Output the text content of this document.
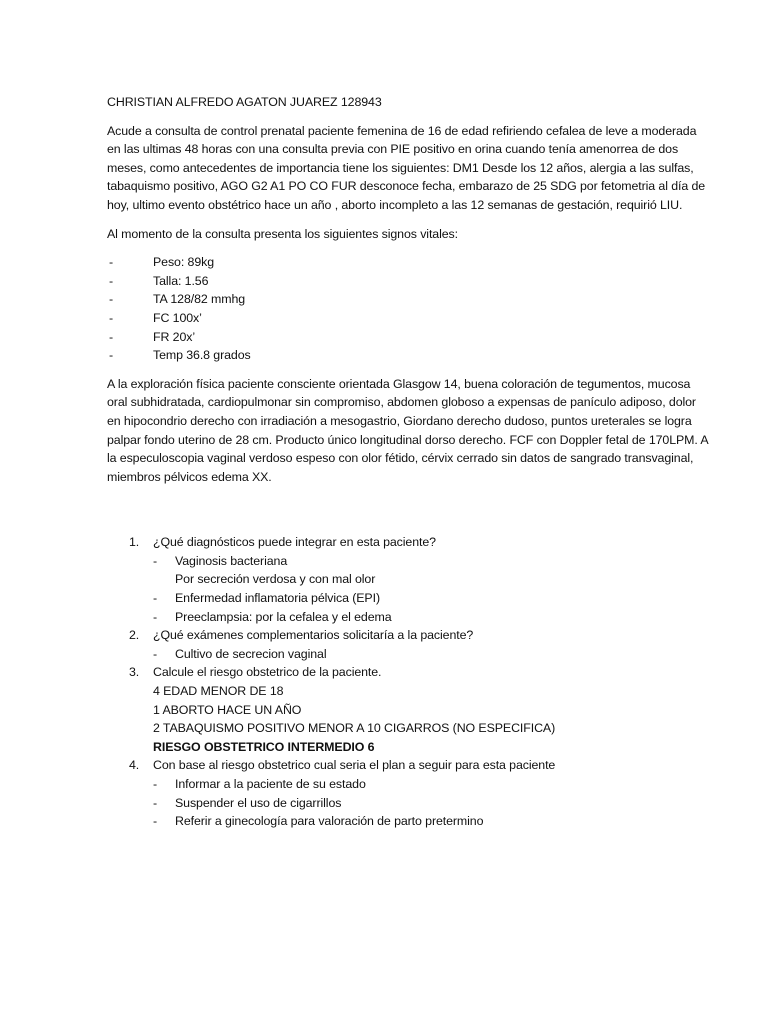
CHRISTIAN ALFREDO AGATON JUAREZ 128943

Acude a consulta de control prenatal paciente femenina de 16 de edad refiriendo cefalea de leve a moderada en las ultimas 48 horas con una consulta previa con PIE positivo en orina cuando tenía amenorrea de dos meses, como antecedentes de importancia tiene los siguientes: DM1 Desde los 12 años, alergia a las sulfas, tabaquismo positivo, AGO G2 A1 PO CO FUR desconoce fecha, embarazo de 25 SDG por fetometria al día de hoy, ultimo evento obstétrico hace un año , aborto incompleto a las 12 semanas de gestación, requirió LIU.

Al momento de la consulta presenta los siguientes signos vitales:

- Peso: 89kg
- Talla: 1.56
- TA 128/82 mmhg
- FC 100x’
- FR 20x’
- Temp 36.8 grados

A la exploración física paciente consciente orientada Glasgow 14, buena coloración de tegumentos, mucosa oral subhidratada, cardiopulmonar sin compromiso, abdomen globoso a expensas de panículo adiposo, dolor en hipocondrio derecho con irradiación a mesogastrio, Giordano derecho dudoso, puntos ureterales se logra palpar fondo uterino de 28 cm. Producto único longitudinal dorso derecho. FCF con Doppler fetal de 170LPM. A la especuloscopia vaginal verdoso espeso con olor fétido, cérvix cerrado sin datos de sangrado transvaginal, miembros pélvicos edema XX.

1. ¿Qué diagnósticos puede integrar en esta paciente?
- Vaginosis bacteriana
Por secreción verdosa y con mal olor
- Enfermedad inflamatoria pélvica (EPI)
- Preeclampsia: por la cefalea y el edema
2. ¿Qué exámenes complementarios solicitaría a la paciente?
- Cultivo de secrecion vaginal
3. Calcule el riesgo obstetrico de la paciente.
4 EDAD MENOR DE 18
1 ABORTO HACE UN AÑO
2 TABAQUISMO POSITIVO MENOR A 10 CIGARROS (NO ESPECIFICA)
RIESGO OBSTETRICO INTERMEDIO 6
4. Con base al riesgo obstetrico cual seria el plan a seguir para esta paciente
- Informar a la paciente de su estado
- Suspender el uso de cigarrillos
- Referir a ginecología para valoración de parto pretermino
